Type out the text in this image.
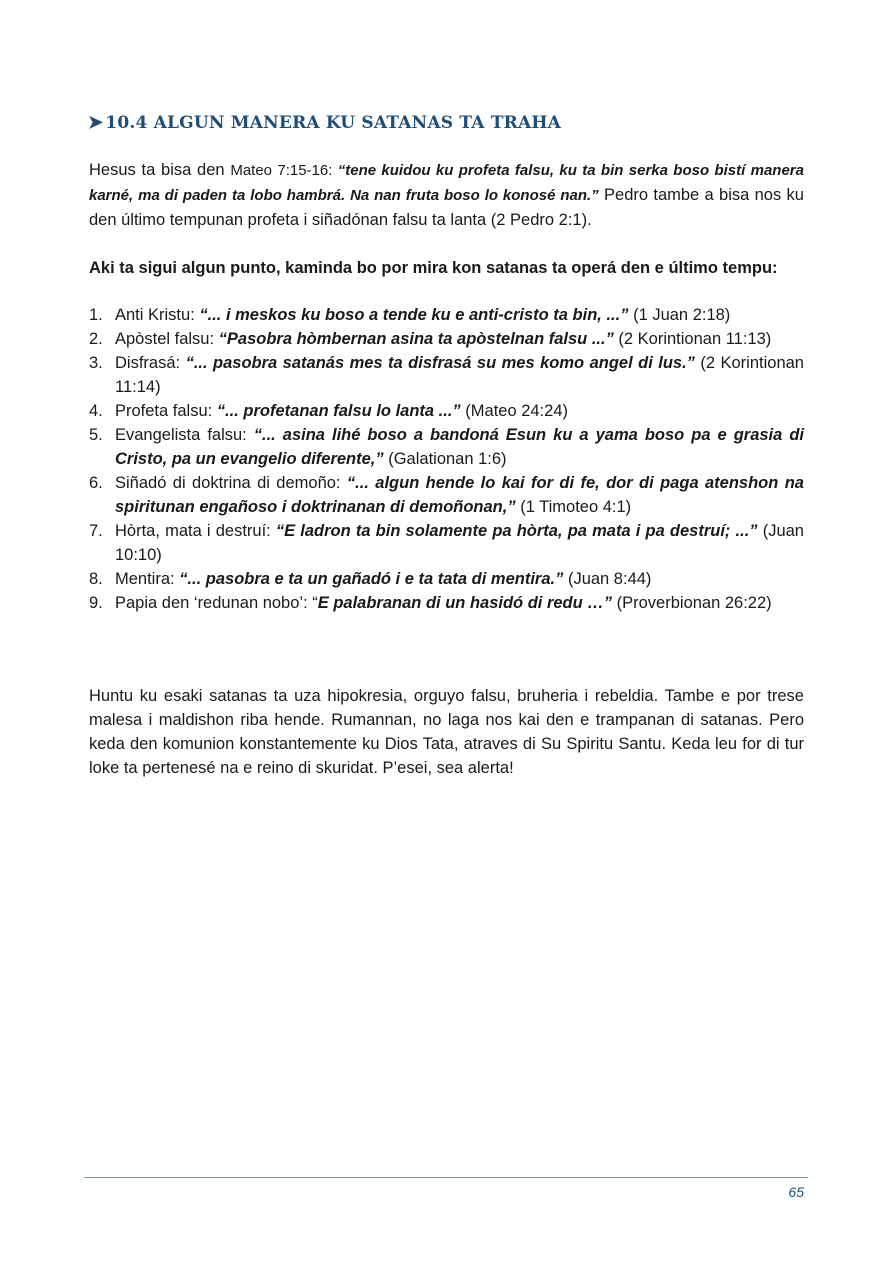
➤ 10.4 ALGUN MANERA KU SATANAS TA TRAHA

Hesus ta bisa den Mateo 7:15-16: “tene kuidou ku profeta falsu, ku ta bin serka boso bistí manera karné, ma di paden ta lobo hambrá. Na nan fruta boso lo konosé nan.” Pedro tambe a bisa nos ku den último tempunan profeta i siñadónan falsu ta lanta (2 Pedro 2:1).

Aki ta sigui algun punto, kaminda bo por mira kon satanas ta operá den e último tempu:

1. Anti Kristu: “... i meskos ku boso a tende ku e anti-cristo ta bin, ...” (1 Juan 2:18)
2. Apòstel falsu: “Pasobra hòmbernan asina ta apòstelnan falsu ...” (2 Korintionan 11:13)
3. Disfrasá: “... pasobra satanás mes ta disfrasá su mes komo angel di lus.” (2 Korintionan 11:14)
4. Profeta falsu: “... profetanan falsu lo lanta ...” (Mateo 24:24)
5. Evangelista falsu: “... asina lihé boso a bandoná Esun ku a yama boso pa e grasia di Cristo, pa un evangelio diferente,” (Galationan 1:6)
6. Siñadó di doktrina di demoño: “... algun hende lo kai for di fe, dor di paga atenshon na spiritunan engañoso i doktrinanan di demoñonan,” (1 Timoteo 4:1)
7. Hòrta, mata i destruí: “E ladron ta bin solamente pa hòrta, pa mata i pa destruí; ...” (Juan 10:10)
8. Mentira: “... pasobra e ta un gañadó i e ta tata di mentira.” (Juan 8:44)
9. Papia den ‘redunan nobo’: “E palabranan di un hasidó di redu …” (Proverbionan 26:22)

Huntu ku esaki satanas ta uza hipokresia, orguyo falsu, bruheria i rebeldia. Tambe e por trese malesa i maldishon riba hende. Rumannan, no laga nos kai den e trampanan di satanas. Pero keda den komunion konstantemente ku Dios Tata, atraves di Su Spiritu Santu. Keda leu for di tur loke ta pertenesé na e reino di skuridat. P’esei, sea alerta!

65
